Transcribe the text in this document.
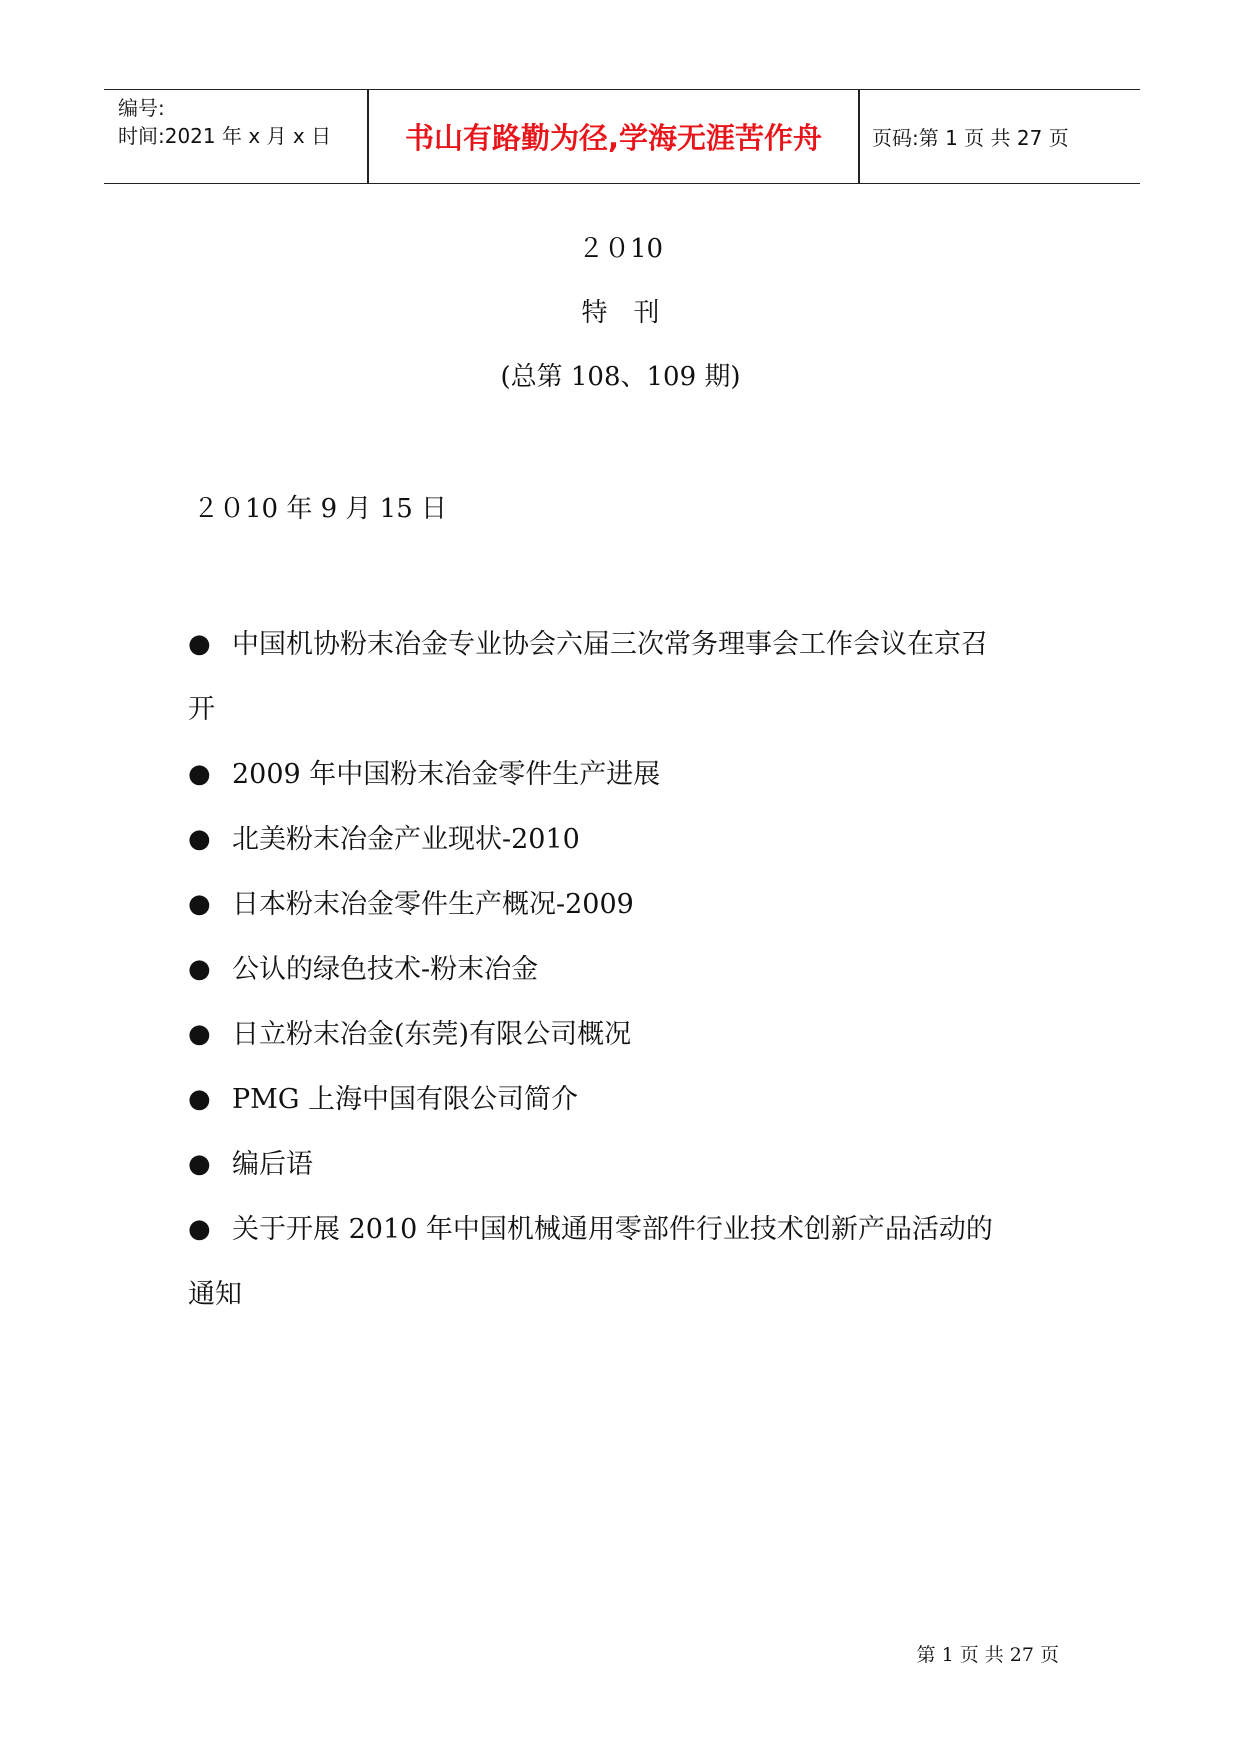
编号:
时间:2021 年 x 月 x 日	书山有路勤为径,学海无涯苦作舟	页码:第 1 页 共 27 页
２０10
特　刊
(总第 108、109 期)
２０10 年 9 月 15 日
● 中国机协粉末冶金专业协会六届三次常务理事会工作会议在京召
开
● 2009 年中国粉末冶金零件生产进展
● 北美粉末冶金产业现状-2010
● 日本粉末冶金零件生产概况-2009
● 公认的绿色技术-粉末冶金
● 日立粉末冶金(东莞)有限公司概况
● PMG 上海中国有限公司简介
● 编后语
● 关于开展 2010 年中国机械通用零部件行业技术创新产品活动的
通知
第 1 页 共 27 页
